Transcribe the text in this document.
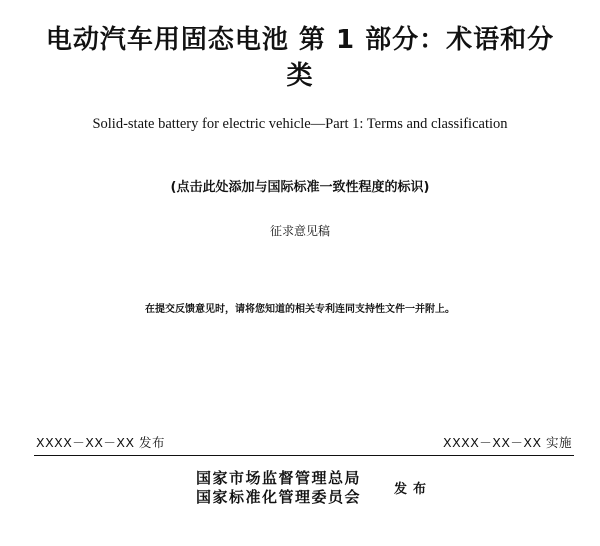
电动汽车用固态电池 第 1 部分：术语和分类
Solid-state battery for electric vehicle—Part 1: Terms and classification
(点击此处添加与国际标准一致性程度的标识)
征求意见稿
在提交反馈意见时，请将您知道的相关专利连同支持性文件一并附上。
XXXX－XX－XX 发布	XXXX－XX－XX 实施
国家市场监督管理总局
国家标准化管理委员会	发布
